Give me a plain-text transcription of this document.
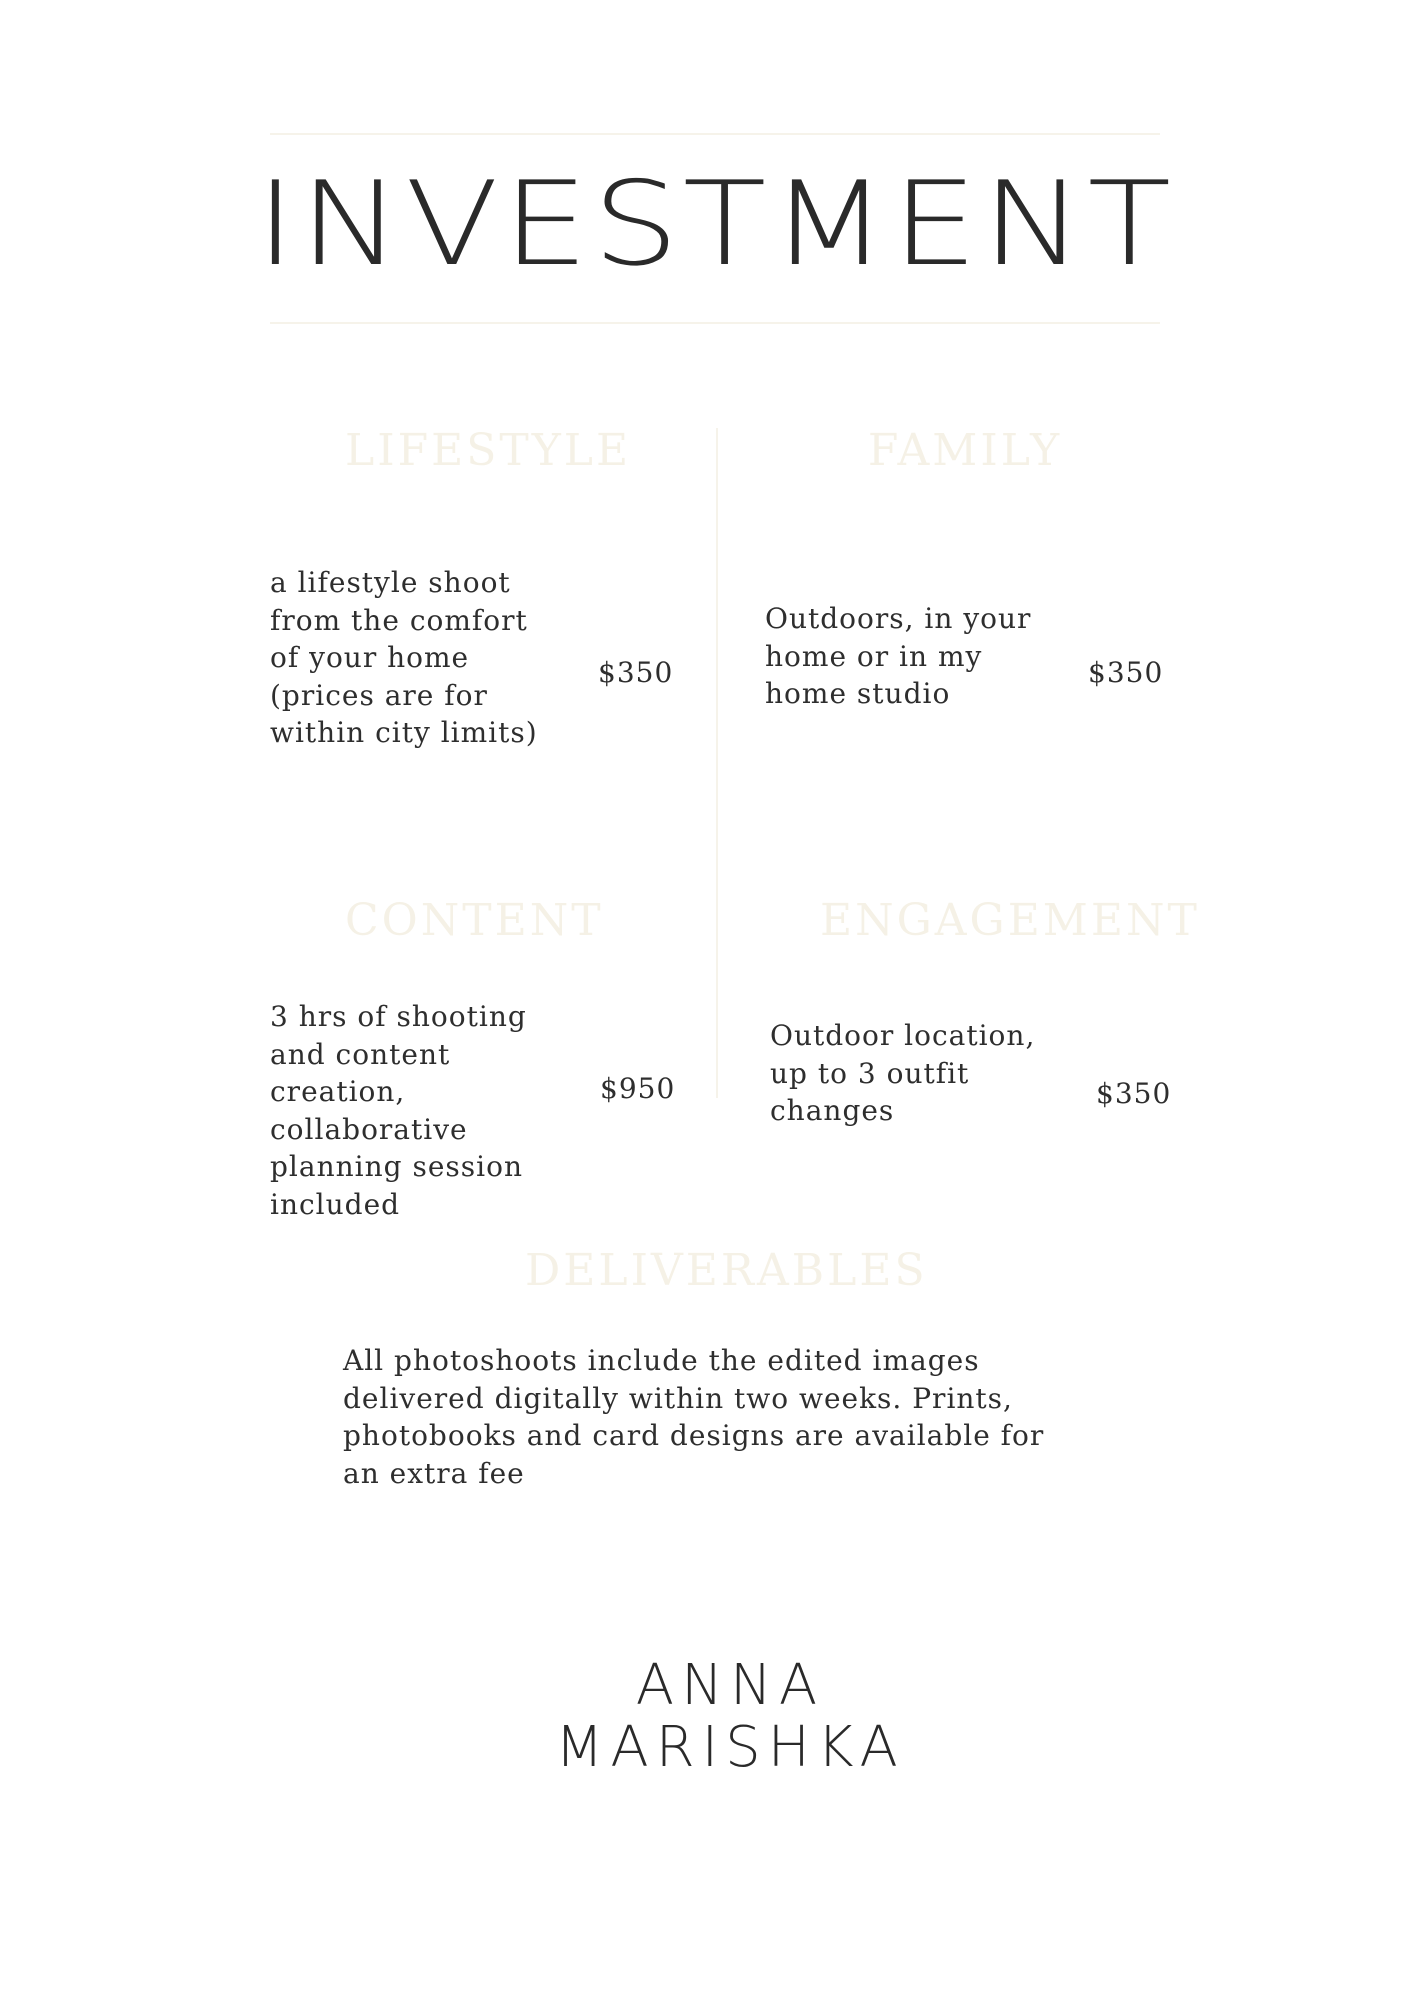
INVESTMENT
LIFESTYLE
a lifestyle shoot from the comfort of your home (prices are for within city limits)
$350
FAMILY
Outdoors, in your home or in my home studio
$350
CONTENT
3 hrs of shooting and content creation, collaborative planning session included
$950
ENGAGEMENT
Outdoor location, up to 3 outfit changes
$350
DELIVERABLES
All photoshoots include the edited images delivered digitally within two weeks. Prints, photobooks and card designs are available for an extra fee
ANNA
MARISHKA
